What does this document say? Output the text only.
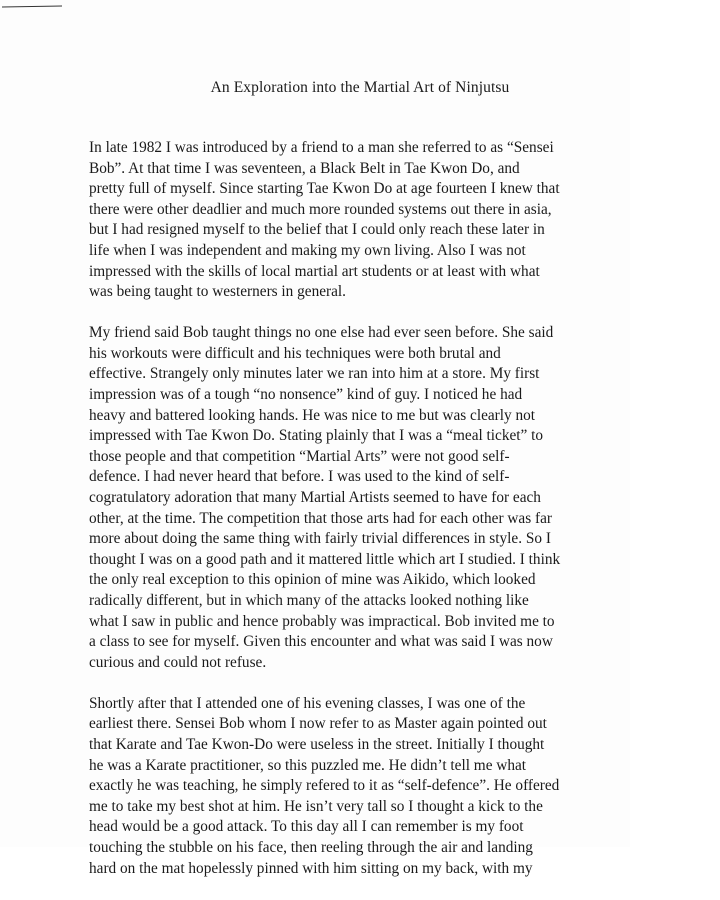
An Exploration into the Martial Art of Ninjutsu
In late 1982 I was introduced by a friend to a man she referred to as “Sensei
Bob”. At that time I was seventeen, a Black Belt in Tae Kwon Do, and
pretty full of myself. Since starting Tae Kwon Do at age fourteen I knew that
there were other deadlier and much more rounded systems out there in asia,
but I had resigned myself to the belief that I could only reach these later in
life when I was independent and making my own living. Also I was not
impressed with the skills of local martial art students or at least with what
was being taught to westerners in general.
My friend said Bob taught things no one else had ever seen before. She said
his workouts were difficult and his techniques were both brutal and
effective. Strangely only minutes later we ran into him at a store. My first
impression was of a tough “no nonsence” kind of guy. I noticed he had
heavy and battered looking hands. He was nice to me but was clearly not
impressed with Tae Kwon Do. Stating plainly that I was a “meal ticket” to
those people and that competition “Martial Arts” were not good self-
defence. I had never heard that before. I was used to the kind of self-
cogratulatory adoration that many Martial Artists seemed to have for each
other, at the time. The competition that those arts had for each other was far
more about doing the same thing with fairly trivial differences in style. So I
thought I was on a good path and it mattered little which art I studied. I think
the only real exception to this opinion of mine was Aikido, which looked
radically different, but in which many of the attacks looked nothing like
what I saw in public and hence probably was impractical. Bob invited me to
a class to see for myself. Given this encounter and what was said I was now
curious and could not refuse.
Shortly after that I attended one of his evening classes, I was one of the
earliest there. Sensei Bob whom I now refer to as Master again pointed out
that Karate and Tae Kwon-Do were useless in the street. Initially I thought
he was a Karate practitioner, so this puzzled me. He didn’t tell me what
exactly he was teaching, he simply refered to it as “self-defence”. He offered
me to take my best shot at him. He isn’t very tall so I thought a kick to the
head would be a good attack. To this day all I can remember is my foot
touching the stubble on his face, then reeling through the air and landing
hard on the mat hopelessly pinned with him sitting on my back, with my
